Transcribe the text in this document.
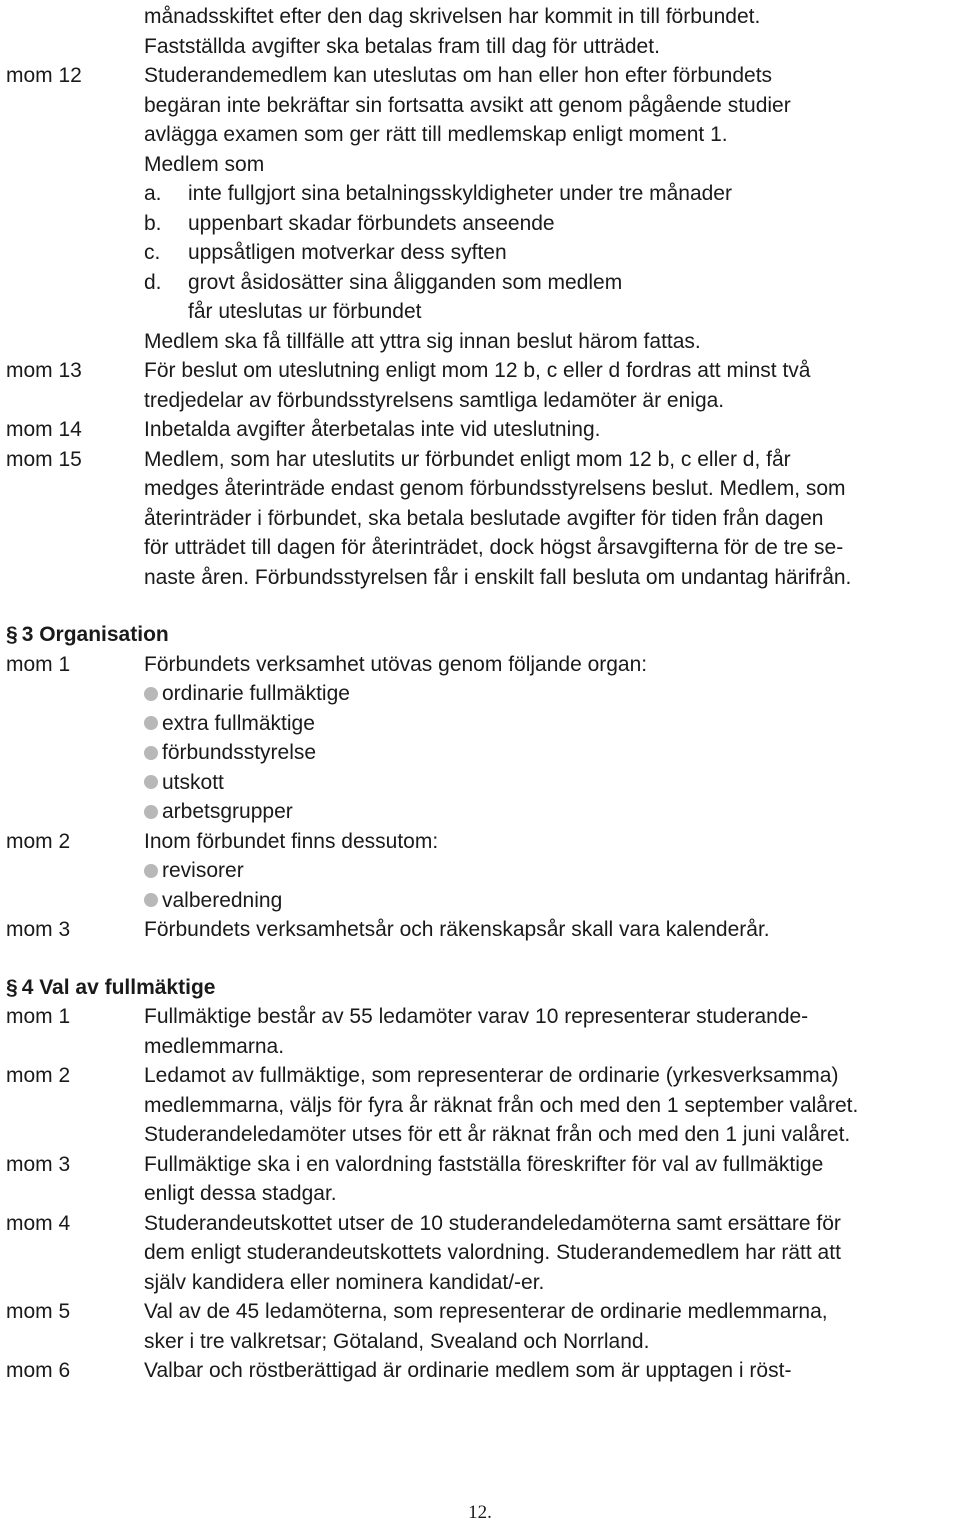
månadsskiftet efter den dag skrivelsen har kommit in till förbundet.

Fastställda avgifter ska betalas fram till dag för utträdet.

mom 12	Studerandemedlem kan uteslutas om han eller hon efter förbundets

begäran inte bekräftar sin fortsatta avsikt att genom pågående studier

avlägga examen som ger rätt till medlemskap enligt moment 1.

Medlem som

a.	inte fullgjort sina betalningsskyldigheter under tre månader
b.	uppenbart skadar förbundets anseende
c.	uppsåtligen motverkar dess syften
d.	grovt åsidosätter sina åligganden som medlem
får uteslutas ur förbundet

Medlem ska få tillfälle att yttra sig innan beslut härom fattas.

mom 13	För beslut om uteslutning enligt mom 12 b, c eller d fordras att minst två

tredjedelar av förbundsstyrelsens samtliga ledamöter är eniga.

mom 14	Inbetalda avgifter återbetalas inte vid uteslutning.

mom 15	Medlem, som har uteslutits ur förbundet enligt mom 12 b, c eller d, får

medges återinträde endast genom förbundsstyrelsens beslut. Medlem, som

återinträder i förbundet, ska betala beslutade avgifter för tiden från dagen

för utträdet till dagen för återinträdet, dock högst årsavgifterna för de tre se-

naste åren. Förbundsstyrelsen får i enskilt fall besluta om undantag härifrån.

§ 3 Organisation
mom 1	Förbundets verksamhet utövas genom följande organ:

ordinarie fullmäktige
extra fullmäktige
förbundsstyrelse
utskott
arbetsgrupper
mom 2	Inom förbundet finns dessutom:

revisorer
valberedning
mom 3	Förbundets verksamhetsår och räkenskapsår skall vara kalenderår.

§ 4 Val av fullmäktige
mom 1	Fullmäktige består av 55 ledamöter varav 10 representerar studerande-

medlemmarna.

mom 2	Ledamot av fullmäktige, som representerar de ordinarie (yrkesverksamma)

medlemmarna, väljs för fyra år räknat från och med den 1 september valåret.

Studerandeledamöter utses för ett år räknat från och med den 1 juni valåret.

mom 3	Fullmäktige ska i en valordning fastställa föreskrifter för val av fullmäktige

enligt dessa stadgar.

mom 4	Studerandeutskottet utser de 10 studerandeledamöterna samt ersättare för

dem enligt studerandeutskottets valordning. Studerandemedlem har rätt att

själv kandidera eller nominera kandidat/-er.

mom 5	Val av de 45 ledamöterna, som representerar de ordinarie medlemmarna,

sker i tre valkretsar; Götaland, Svealand och Norrland.

mom 6	Valbar och röstberättigad är ordinarie medlem som är upptagen i röst-

12.
